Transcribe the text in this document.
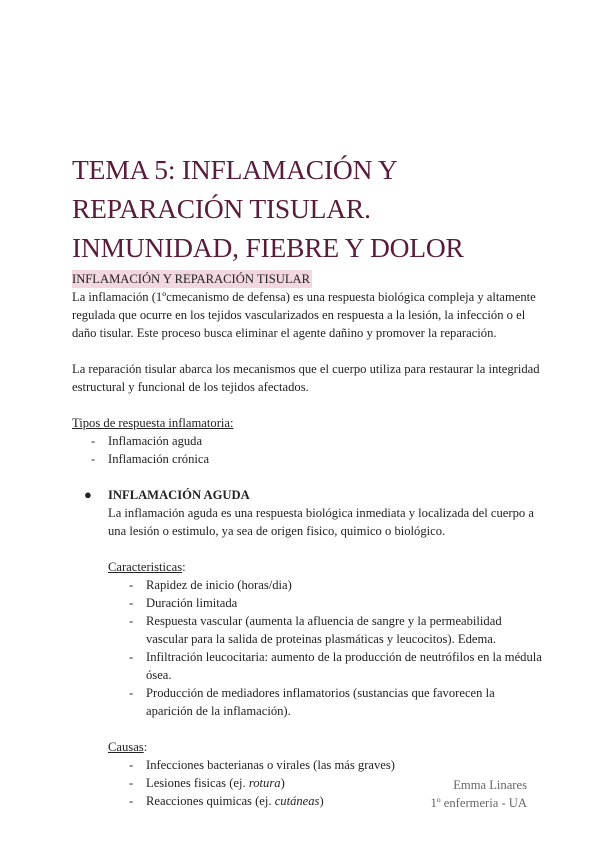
TEMA 5: INFLAMACIÓN Y REPARACIÓN TISULAR. INMUNIDAD, FIEBRE Y DOLOR

INFLAMACIÓN Y REPARACIÓN TISULAR

La inflamación (1ºcmecanismo de defensa) es una respuesta biológica compleja y altamente regulada que ocurre en los tejidos vascularizados en respuesta a la lesión, la infección o el daño tisular. Este proceso busca eliminar el agente dañino y promover la reparación.

La reparación tisular abarca los mecanismos que el cuerpo utiliza para restaurar la integridad estructural y funcional de los tejidos afectados.

Tipos de respuesta inflamatoria:

- Inflamación aguda
- Inflamación crónica
● INFLAMACIÓN AGUDA

La inflamación aguda es una respuesta biológica inmediata y localizada del cuerpo a una lesión o estimulo, ya sea de origen fisico, quimico o biológico.

Caracteristicas:

- Rapidez de inicio (horas/dia)
- Duración limitada
- Respuesta vascular (aumenta la afluencia de sangre y la permeabilidad vascular para la salida de proteinas plasmáticas y leucocitos). Edema.
- Infiltración leucocitaria: aumento de la producción de neutrófilos en la médula ósea.
- Producción de mediadores inflamatorios (sustancias que favorecen la aparición de la inflamación).

Causas:

- Infecciones bacterianas o virales (las más graves)
- Lesiones fisicas (ej. rotura)
- Reacciones quimicas (ej. cutáneas)
Emma Linares
1º enfermeria - UA
